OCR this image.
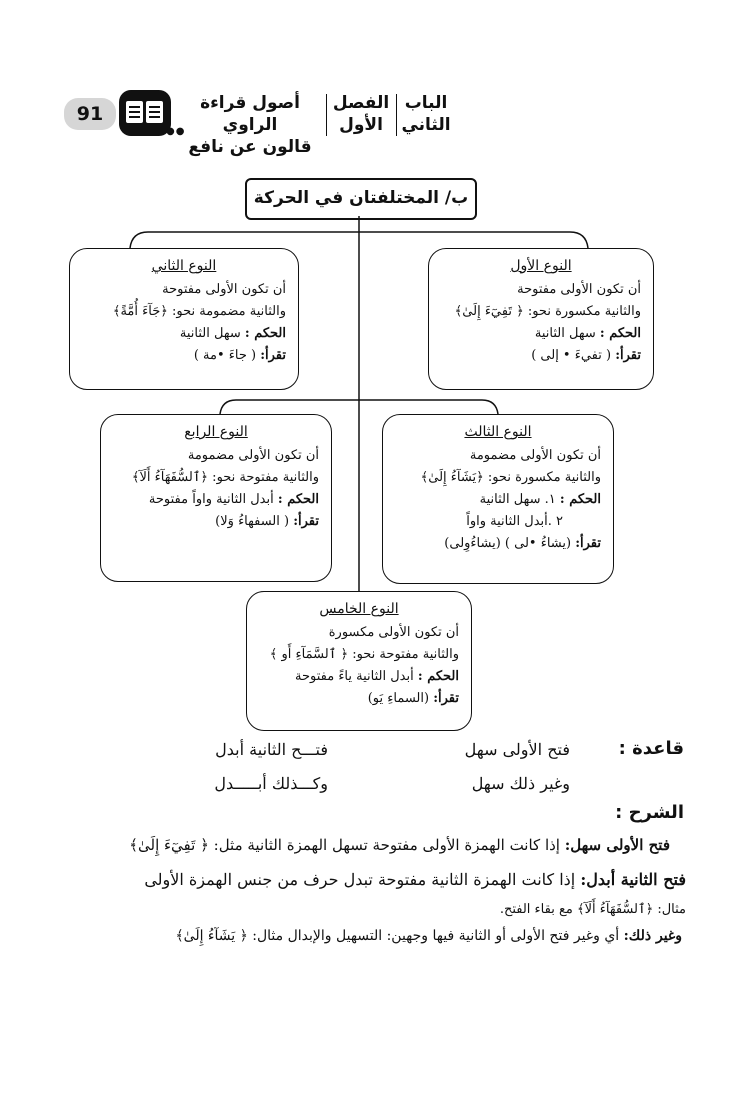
91
●●
أصول قراءة الراوي
قالون عن نافع
الفصل
الأول
الباب
الثاني
ب/ المختلفتان في الحركة
النوع الأول
أن تكون الأولى مفتوحة
والثانية مكسورة نحو: ﴿ تَفِيٓءَ إِلَىٰ﴾
الحكم : سهل الثانية
تقرأ: ( تفيءَ • إلى )
النوع الثاني
أن تكون الأولى مفتوحة
والثانية مضمومة نحو: ﴿جَآءَ أُمَّةً﴾
الحكم : سهل الثانية
تقرأ: ( جاءَ •مة )
النوع الثالث
أن تكون الأولى مضمومة
والثانية مكسورة نحو: ﴿يَشَآءُ إِلَىٰ﴾
الحكم : ١. سهل الثانية
٢ .أبدل الثانية واواً
تقرأ: (يشاءُ •لى ) (يشاءُوِلى)
النوع الرابع
أن تكون الأولى مضمومة
والثانية مفتوحة نحو: ﴿ٱلسُّفَهَآءُ أَلَآ﴾
الحكم : أبدل الثانية واواً مفتوحة
تقرأ: ( السفهاءُ وَلا)
النوع الخامس
أن تكون الأولى مكسورة
والثانية مفتوحة نحو: ﴿ ٱلسَّمَآءِ أَو ﴾
الحكم : أبدل الثانية ياءً مفتوحة
تقرأ: (السماءِ يَو)
قاعدة :
فتح الأولى سهل
فتـــح الثانية أبدل
وغير ذلك سهل
وكـــذلك أبـــــدل
الشرح :
فتح الأولى سهل: إذا كانت الهمزة الأولى مفتوحة تسهل الهمزة الثانية مثل: ﴿ تَفِيٓءَ إِلَىٰ﴾
فتح الثانية أبدل: إذا كانت الهمزة الثانية مفتوحة تبدل حرف من جنس الهمزة الأولى
مثال: ﴿ٱلسُّفَهَآءُ أَلَآ﴾ مع بقاء الفتح.
وغير ذلك: أي وغير فتح الأولى أو الثانية فيها وجهين: التسهيل والإبدال مثال: ﴿ يَشَآءُ إِلَىٰ﴾
